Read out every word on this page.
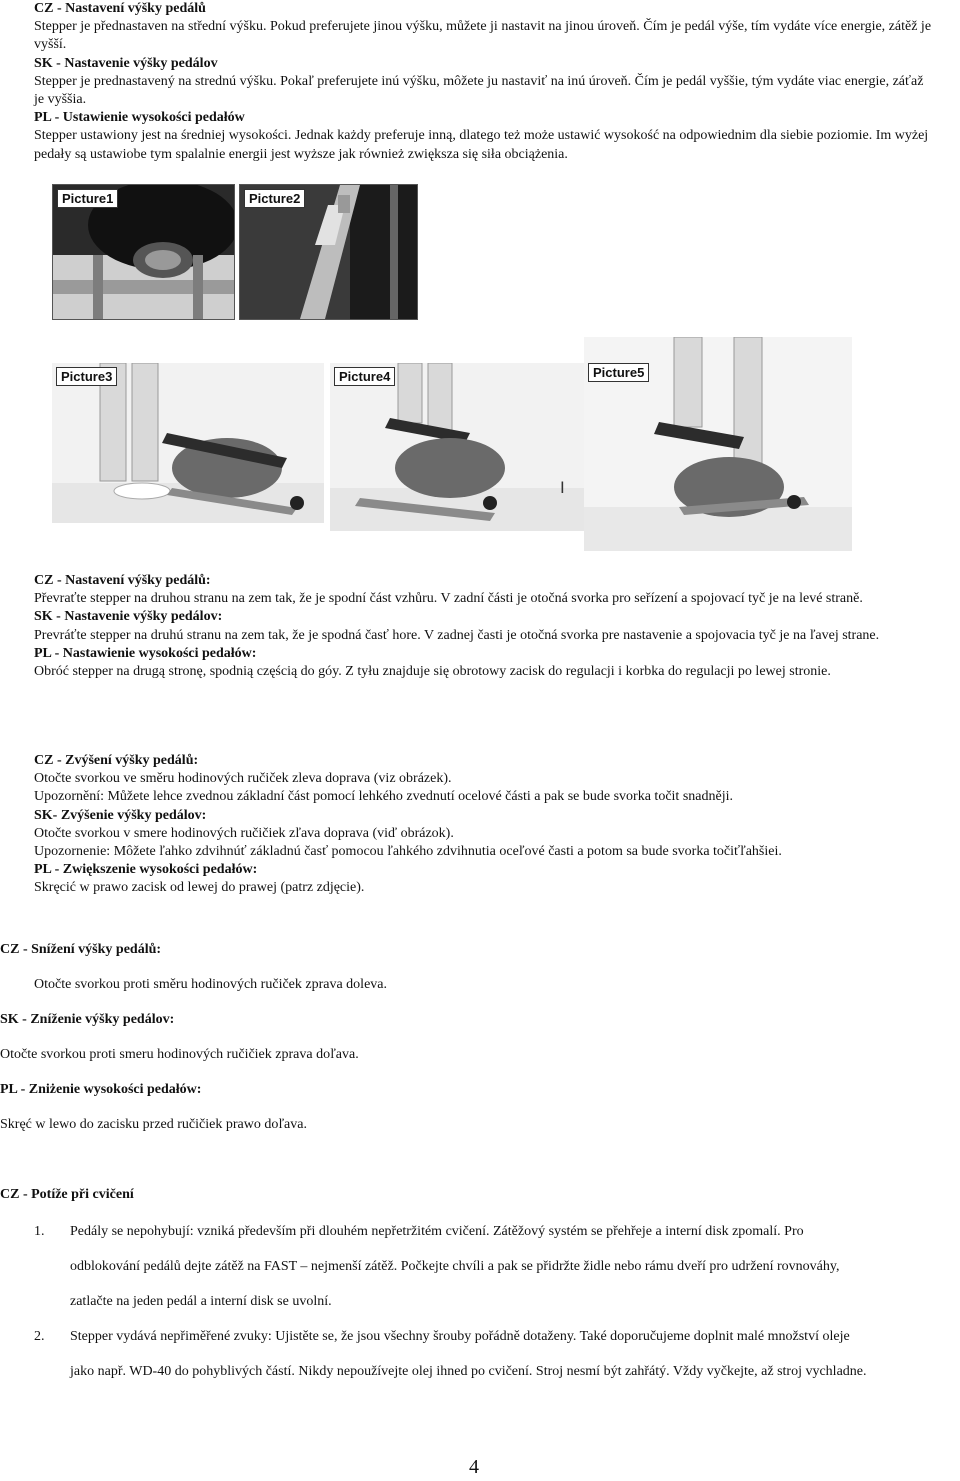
CZ - Nastavení výšky pedálů

Stepper je přednastaven na střední výšku. Pokud preferujete jinou výšku, můžete ji nastavit na jinou úroveň. Čím je pedál výše, tím vydáte více energie, zátěž je vyšší.

SK - Nastavenie výšky pedálov

Stepper je prednastavený na strednú výšku. Pokaľ preferujete inú výšku, môžete ju nastaviť na inú úroveň. Čím je pedál vyššie, tým vydáte viac energie, záťaž je vyššia.

PL - Ustawienie wysokości pedałów

Stepper ustawiony jest na średniej wysokości. Jednak każdy preferuje inną, dlatego też może ustawić wysokość na odpowiednim dla siebie poziomie. Im wyżej pedały są ustawiobe tym spalalnie energii jest wyższe jak również zwiększa się siła obciążenia.

Picture1	Picture2
Picture3	Picture4	Picture5
I

CZ - Nastavení výšky pedálů:

Převraťte stepper na druhou stranu na zem tak, že je spodní část vzhůru. V zadní části je otočná svorka pro seřízení a spojovací tyč je na levé straně.

SK - Nastavenie výšky pedálov:

Prevráťte stepper na druhú stranu na zem tak, že je spodná časť hore. V zadnej časti je otočná svorka pre nastavenie a spojovacia tyč je na ľavej strane.

PL - Nastawienie wysokości pedałów:

Obróć stepper na drugą stronę, spodnią częścią do góy. Z tyłu znajduje się obrotowy zacisk do regulacji i korbka do regulacji po lewej stronie.

CZ - Zvýšení výšky pedálů:

Otočte svorkou ve směru hodinových ručiček zleva doprava (viz obrázek).

Upozornění: Můžete lehce zvednou základní část pomocí lehkého zvednutí ocelové části a pak se bude svorka točit snadněji.

SK- Zvýšenie výšky pedálov:

Otočte svorkou v smere hodinových ručičiek zľava doprava (viď obrázok).

Upozornenie: Môžete ľahko zdvihnúť základnú časť pomocou ľahkého zdvihnutia oceľové časti a potom sa bude svorka točiťľahšiei.

PL - Zwiększenie wysokości pedałów:

Skręcić w prawo zacisk od lewej do prawej (patrz zdjęcie).

CZ - Snížení výšky pedálů:
Otočte svorkou proti směru hodinových ručiček zprava doleva.
SK - Zníženie výšky pedálov:
Otočte svorkou proti smeru hodinových ručičiek zprava doľava.
PL - Zniżenie wysokości pedałów:
Skręć w lewo do zacisku przed ručičiek prawo doľava.
CZ - Potíže při cvičení
1. Pedály se nepohybují: vzniká především při dlouhém nepřetržitém cvičení. Zátěžový systém se přehřeje a interní disk zpomalí. Pro
odblokování pedálů dejte zátěž na FAST – nejmenší zátěž. Počkejte chvíli a pak se přidržte židle nebo rámu dveří pro udržení rovnováhy,
zatlačte na jeden pedál a interní disk se uvolní.
2. Stepper vydává nepřiměřené zvuky: Ujistěte se, že jsou všechny šrouby pořádně dotaženy. Také doporučujeme doplnit malé množství oleje
jako např. WD-40 do pohyblivých částí. Nikdy nepoužívejte olej ihned po cvičení. Stroj nesmí být zahřátý. Vždy vyčkejte, až stroj vychladne.
4
